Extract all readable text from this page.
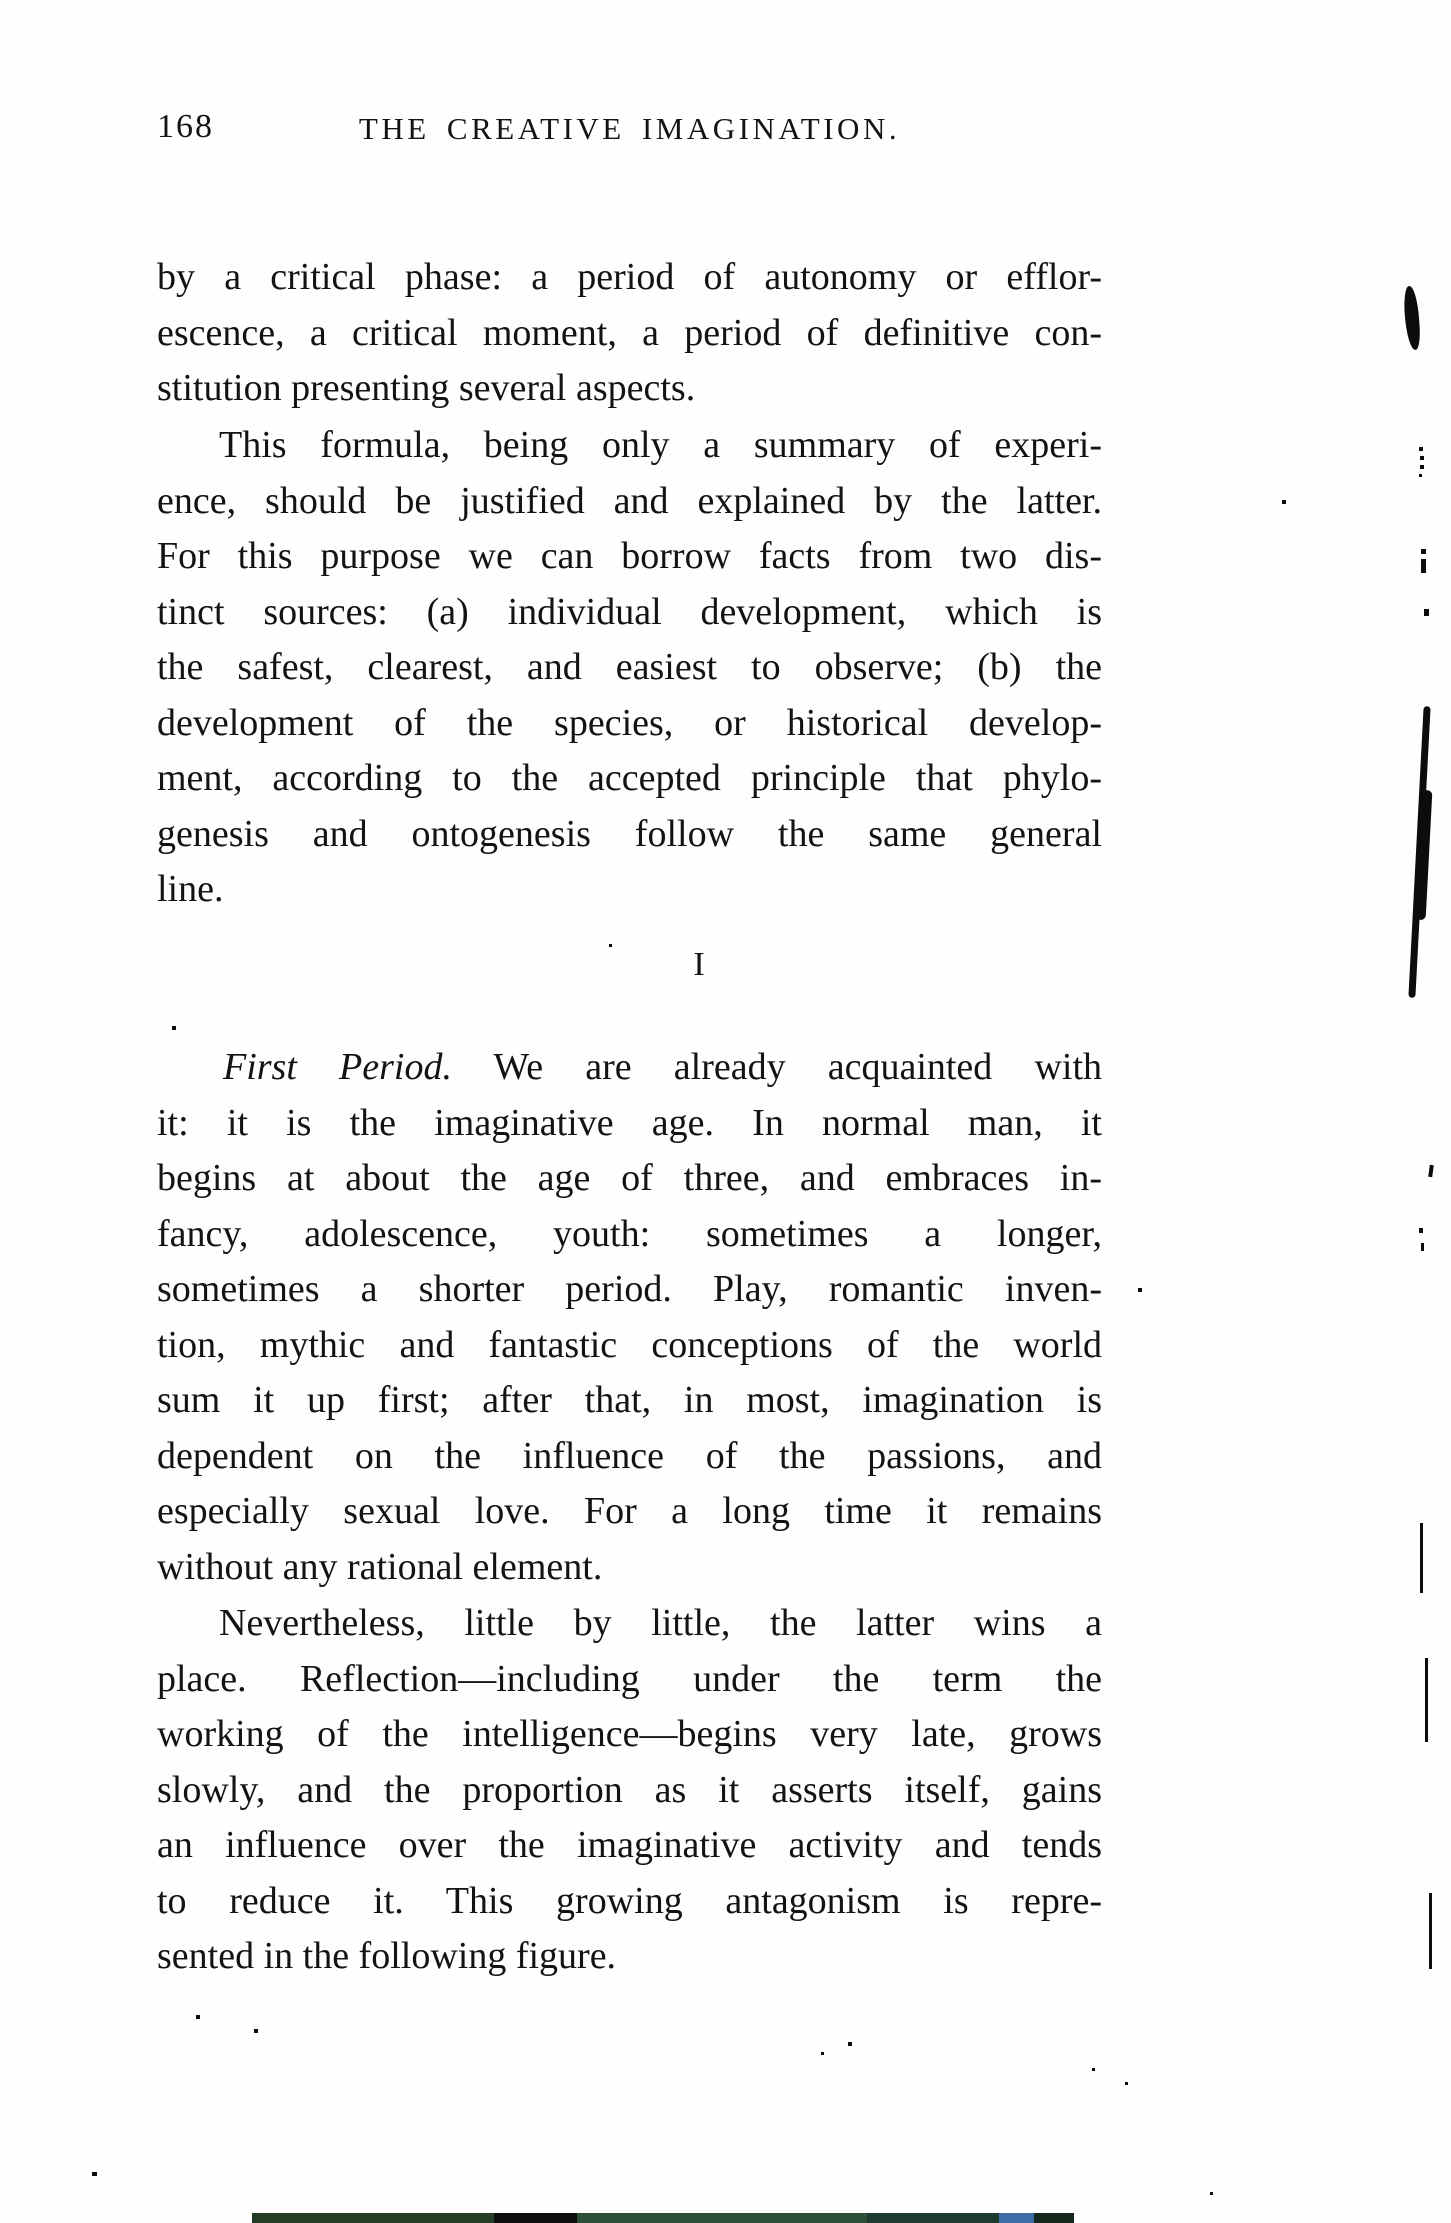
168	THE CREATIVE IMAGINATION.
I
by a critical phase: a period of autonomy or efflor-
escence, a critical moment, a period of definitive con-
stitution presenting several aspects.
This formula, being only a summary of experi-
ence, should be justified and explained by the latter.
For this purpose we can borrow facts from two dis-
tinct sources: (a) individual development, which is
the safest, clearest, and easiest to observe; (b) the
development of the species, or historical develop-
ment, according to the accepted principle that phylo-
genesis and ontogenesis follow the same general
line.
First Period. We are already acquainted with
it: it is the imaginative age. In normal man, it
begins at about the age of three, and embraces in-
fancy, adolescence, youth: sometimes a longer,
sometimes a shorter period. Play, romantic inven-
tion, mythic and fantastic conceptions of the world
sum it up first; after that, in most, imagination is
dependent on the influence of the passions, and
especially sexual love. For a long time it remains
without any rational element.
Nevertheless, little by little, the latter wins a
place. Reflection—including under the term the
working of the intelligence—begins very late, grows
slowly, and the proportion as it asserts itself, gains
an influence over the imaginative activity and tends
to reduce it. This growing antagonism is repre-
sented in the following figure.
